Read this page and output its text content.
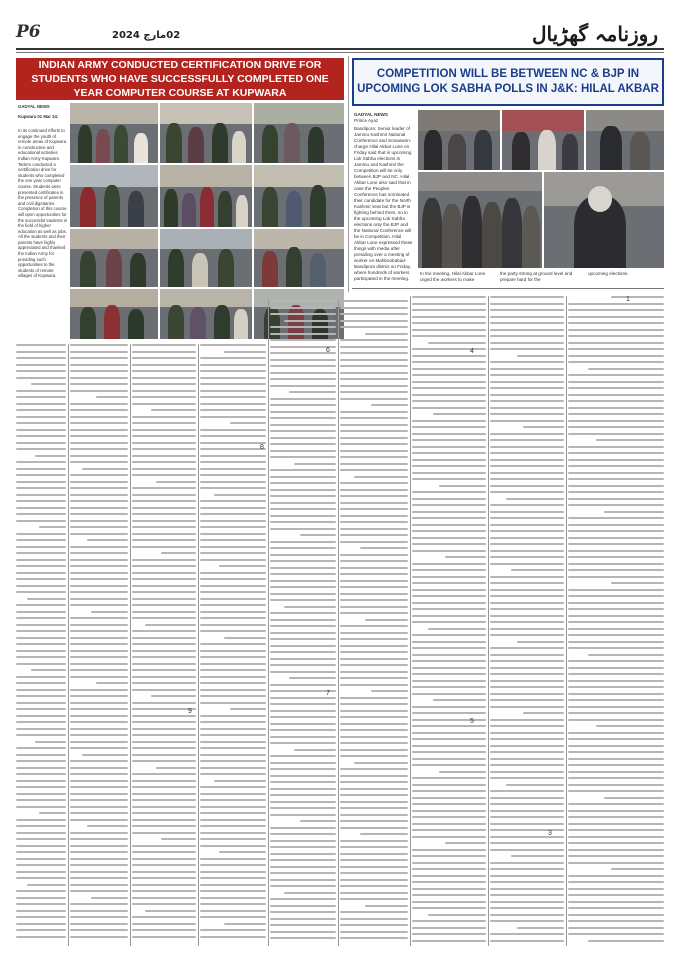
P6	02مارچ 2024	روزنامہ گھڑیال
INDIAN ARMY CONDUCTED CERTIFICATION DRIVE FOR STUDENTS WHO HAVE SUCCESSFULLY COMPLETED ONE YEAR COMPUTER COURSE AT KUPWARA
GADYAL NEWS
Kupwara 01 Mar 24:
In its continued efforts to engage the youth of remote areas of Kupwara in constructive and educational activities Indian Army Kupwara Tarters conducted a certification drive for students who completed the one year computer course. Students were presented certificates in the presence of parents and civil dignitaries. Completion of this course will open opportunities for the successful students in the field of higher education as well as jobs. All the students and their parents have highly appreciated and thanked the Indian Army for providing such opportunities to the students of remote villages of Kupwara.
COMPETITION WILL BE BETWEEN NC & BJP IN UPCOMING LOK SABHA POLLS IN J&K: HILAL AKBAR
GADYAL NEWS
Prince Ayaz
Bandipora: Senior leader of Jammu Kashmir National Conference and Sonawarin-charge Hilal Akbar Lone on Friday said that in upcoming Lok Sabha elections in Jammu and Kashmir the Competition will be only between BJP and NC. Hilal Akbar Lone also said that in case the Peoples Conference has nominated their candidate for the North Kashmir seat but the BJP is fighting behind them, so in the upcoming Lok Sabha elections only the BJP and the National Conference will be in Competition. Hilal Akbar Lone expressed these things with media after presiding over a meeting of worker on Mahboobabad-Bandipora district on Friday, where hundreds of workers participated in the meeting.
In the meeting, Hilal Akbar Lone urged the workers to make
the party strong at ground level and prepare hard for the
upcoming elections.
1
3
4
5
6
7
8
9
